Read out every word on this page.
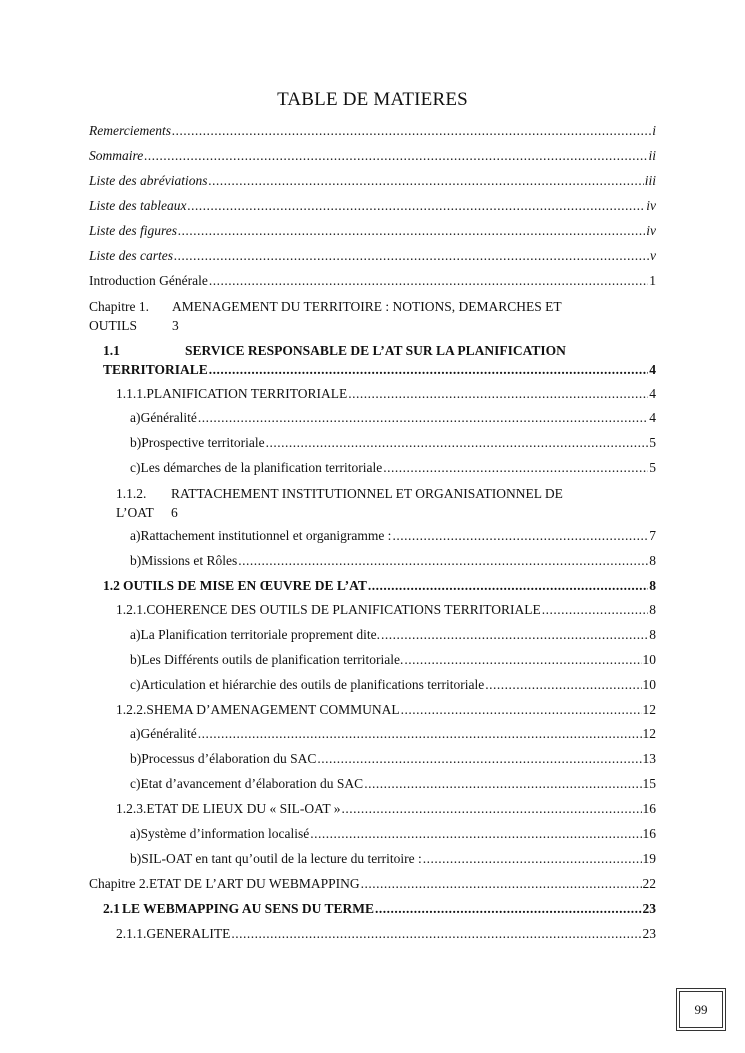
TABLE DE MATIERES
Remerciements .....	i
Sommaire .....	ii
Liste des abréviations .....	iii
Liste des tableaux .....	iv
Liste des figures .....	iv
Liste des cartes .....	v
Introduction Générale .....	1
Chapitre 1.	AMENAGEMENT DU TERRITOIRE : NOTIONS, DEMARCHES ET
OUTILS	3
1.1	SERVICE RESPONSABLE DE L’AT SUR LA PLANIFICATION
TERRITORIALE .....	4
1.1.1. PLANIFICATION TERRITORIALE .....	4
a) Généralité .....	4
b) Prospective territoriale .....	5
c) Les démarches de la planification territoriale .....	5
1.1.2.	RATTACHEMENT INSTITUTIONNEL ET ORGANISATIONNEL DE
L’OAT	6
a) Rattachement institutionnel et organigramme : .....	7
b) Missions et Rôles .....	8
1.2 OUTILS DE MISE EN ŒUVRE DE L’AT .....	8
1.2.1. COHERENCE DES OUTILS DE PLANIFICATIONS TERRITORIALE .....	8
a) La Planification territoriale proprement dite. .....	8
b) Les Différents outils de planification territoriale. .....	10
c) Articulation et hiérarchie des outils de planifications territoriale .....	10
1.2.2. SHEMA D’AMENAGEMENT COMMUNAL .....	12
a) Généralité .....	12
b) Processus d’élaboration du SAC .....	13
c) Etat d’avancement d’élaboration du SAC .....	15
1.2.3. ETAT DE LIEUX DU « SIL-OAT » .....	16
a) Système d’information localisé .....	16
b) SIL-OAT en tant qu’outil de la lecture du territoire : .....	19
Chapitre 2. ETAT DE L’ART DU WEBMAPPING .....	22
2.1 LE WEBMAPPING AU SENS DU TERME .....	23
2.1.1. GENERALITE .....	23
99
